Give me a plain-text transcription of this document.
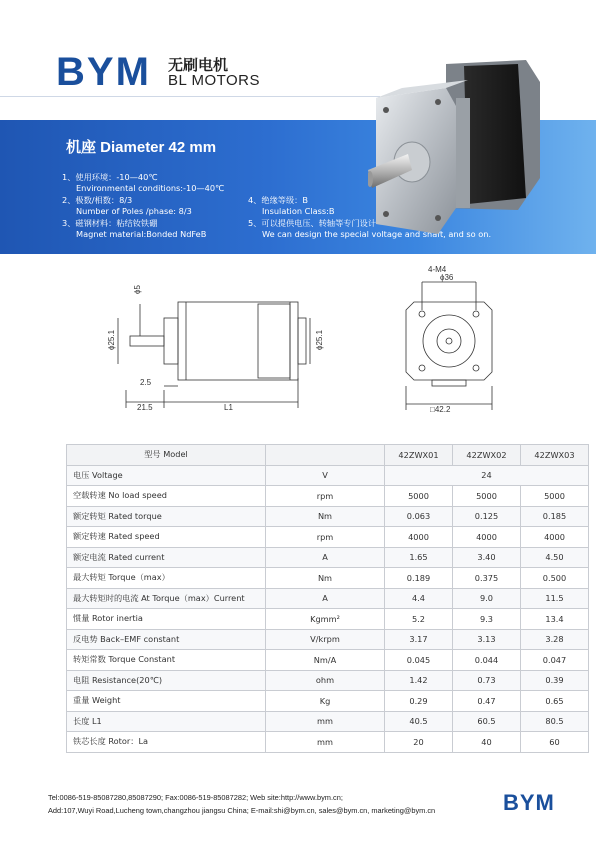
BYM 无刷电机
BL MOTORS
机座 Diameter 42 mm
1、使用环境：-10—40℃
Environmental conditions:-10—40℃
2、极数/相数：8/3
Number of Poles /phase: 8/3
3、磁钢材料：粘结钕铁硼
Magnet material:Bonded NdFeB
4、绝缘等级：B
Insulation Class:B
5、可以提供电压、转轴等专门设计
We can design the special voltage and shaft, and so on.
ϕ5
ϕ25.1	ϕ25.1
2.5
21.5	L1
4-M4
ϕ36
□42.2
型号 Model		42ZWX01	42ZWX02	42ZWX03
电压 Voltage	V	24		
空载转速 No load speed	rpm	5000	5000	5000
额定转矩 Rated torque	Nm	0.063	0.125	0.185
额定转速 Rated speed	rpm	4000	4000	4000
额定电流 Rated current	A	1.65	3.40	4.50
最大转矩 Torque（max）	Nm	0.189	0.375	0.500
最大转矩时的电流 At Torque（max）Current	A	4.4	9.0	11.5
惯量 Rotor inertia	Kgmm²	5.2	9.3	13.4
反电势 Back–EMF constant	V/krpm	3.17	3.13	3.28
转矩常数 Torque Constant	Nm/A	0.045	0.044	0.047
电阻 Resistance(20℃)	ohm	1.42	0.73	0.39
重量 Weight	Kg	0.29	0.47	0.65
长度 L1	mm	40.5	60.5	80.5
铁芯长度 Rotor：La	mm	20	40	60
Tel:0086-519-85087280,85087290; Fax:0086-519-85087282; Web site:http://www.bym.cn;
Add:107,Wuyi Road,Lucheng town,changzhou jiangsu China; E-mail:shi@bym.cn, sales@bym.cn, marketing@bym.cn	BYM
